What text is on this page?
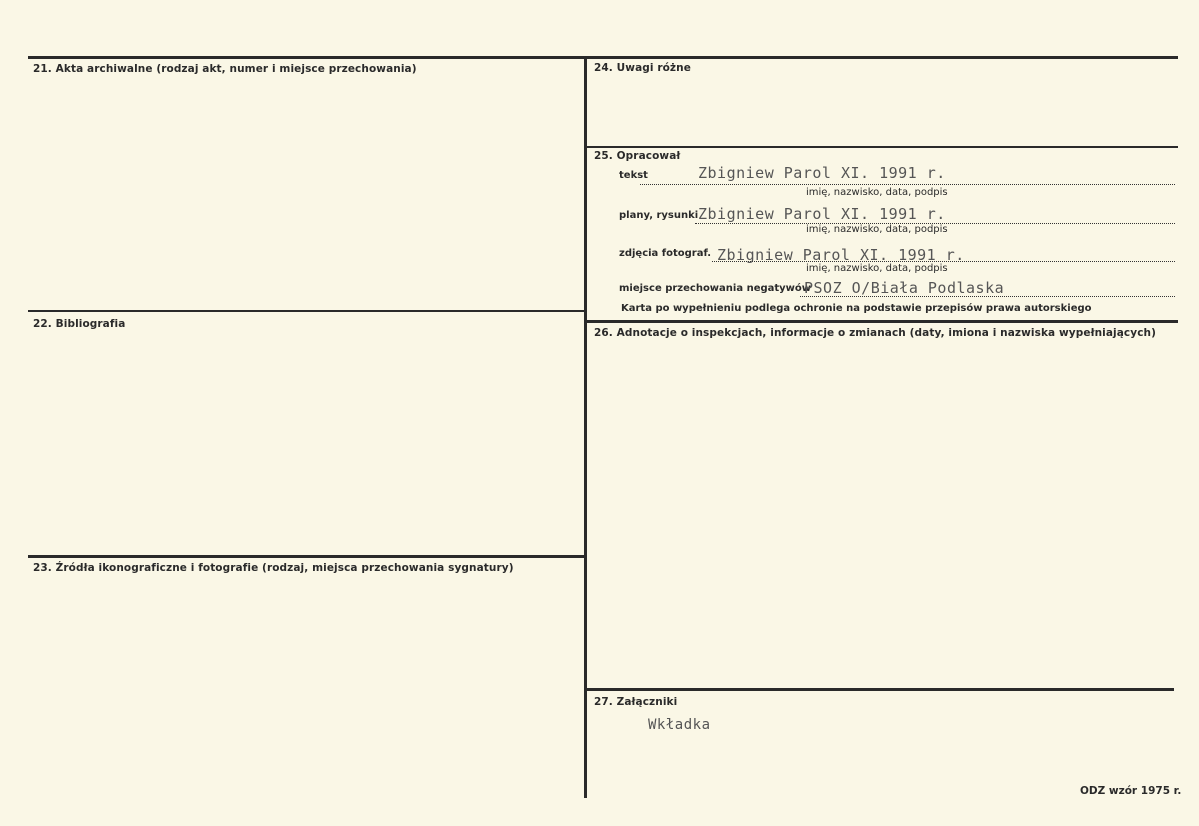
21. Akta archiwalne (rodzaj akt, numer i miejsce przechowania)
22. Bibliografia
23. Źródła ikonograficzne i fotografie (rodzaj, miejsca przechowania sygnatury)
24. Uwagi różne
25. Opracował
tekst	Zbigniew Parol XI. 1991 r.
imię, nazwisko, data, podpis
plany, rysunki Zbigniew Parol XI. 1991 r.
imię, nazwisko, data, podpis
zdjęcia fotograf. Zbigniew Parol XI. 1991 r.
imię, nazwisko, data, podpis
miejsce przechowania negatywów
PSOZ O/Biała Podlaska
Karta po wypełnieniu podlega ochronie na podstawie przepisów prawa autorskiego
26. Adnotacje o inspekcjach, informacje o zmianach (daty, imiona i nazwiska wypełniających)
27. Załączniki
Wkładka
ODZ wzór 1975 r.
